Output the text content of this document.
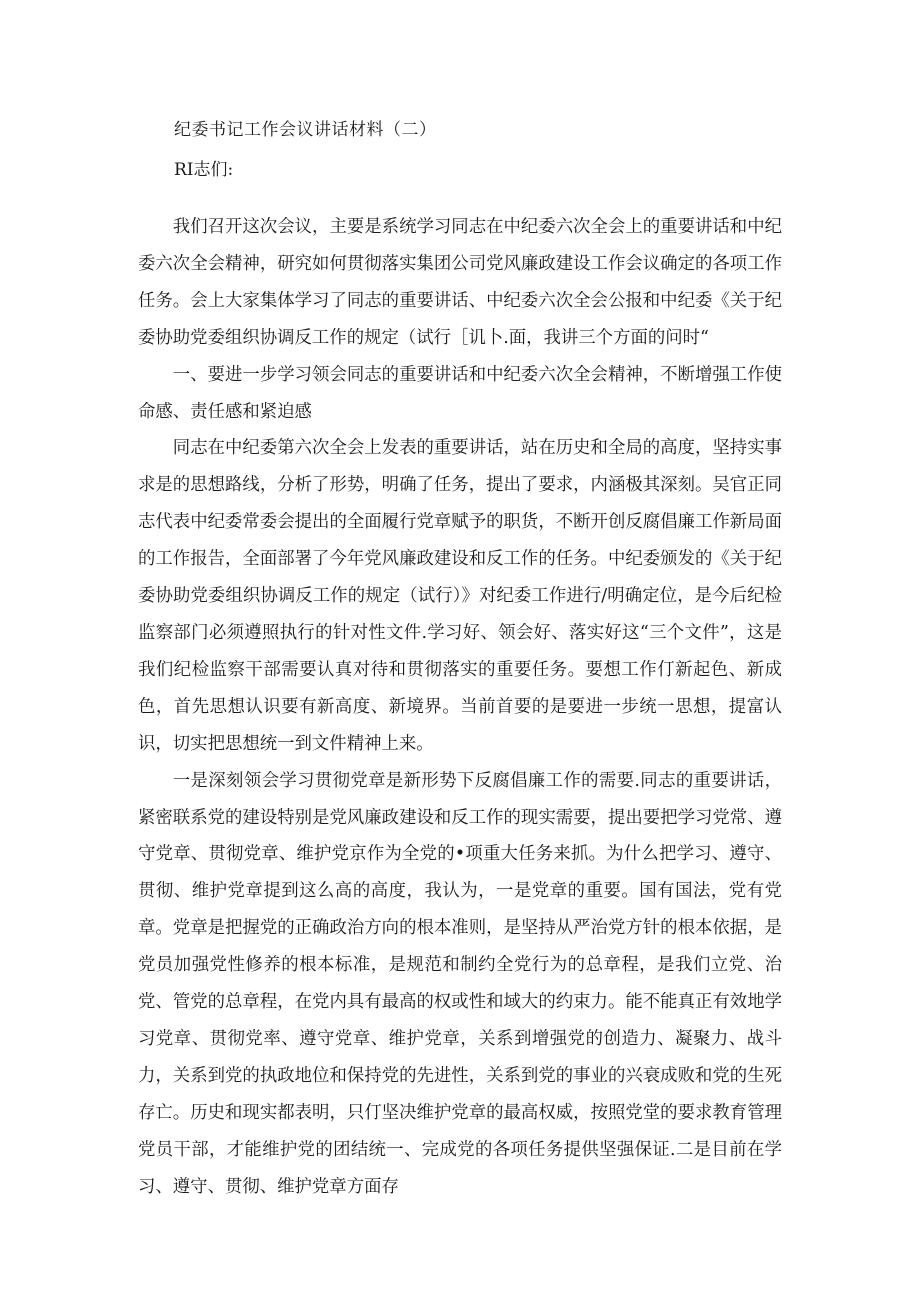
纪委书记工作会议讲话材料（二）
RI志们:

我们召开这次会议，主要是系统学习同志在中纪委六次全会上的重要讲话和中纪委六次全会精神，研究如何贯彻落实集团公司党风廉政建设工作会议确定的各项工作任务。会上大家集体学习了同志的重要讲话、中纪委六次全会公报和中纪委《关于纪委协助党委组织协调反工作的规定（试行［讥卜.面，我讲三个方面的问时“

一、要进一步学习领会同志的重要讲话和中纪委六次全会精神，不断增强工作使命感、责任感和紧迫感

同志在中纪委第六次全会上发表的重要讲话，站在历史和全局的高度，坚持实事求是的思想路线，分析了形势，明确了任务，提出了要求，内涵极其深刻。吴官正同志代表中纪委常委会提出的全面履行党章赋予的职货，不断开创反腐倡廉工作新局面的工作报告，全面部署了今年党风廉政建设和反工作的任务。中纪委颁发的《关于纪委协助党委组织协调反工作的规定（试行）》对纪委工作进行/明确定位，是今后纪检监察部门必须遵照执行的针对性文件.学习好、领会好、落实好这“三个文件”，这是我们纪检监察干部需要认真对待和贯彻落实的重要任务。要想工作仃新起色、新成色，首先思想认识要有新高度、新境界。当前首要的是要进一步统一思想，提富认识，切实把思想统一到文件精神上来。

一是深刻领会学习贯彻党章是新形势下反腐倡廉工作的需要.同志的重要讲话，紧密联系党的建设特别是党风廉政建设和反工作的现实需要，提出要把学习党常、遵守党章、贯彻党章、维护党京作为全党的•项重大任务来抓。为什么把学习、遵守、贯彻、维护党章提到这么高的高度，我认为，一是党章的重要。国有国法，党有党章。党章是把握党的正确政治方向的根本准则，是坚持从严治党方针的根本依据，是党员加强党性修养的根本标准，是规范和制约全党行为的总章程，是我们立党、治党、管党的总章程，在党内具有最高的权或性和域大的约束力。能不能真正有效地学习党章、贯彻党率、遵守党章、维护党章，关系到增强党的创造力、凝聚力、战斗力，关系到党的执政地位和保持党的先进性，关系到党的事业的兴衰成败和党的生死存亡。历史和现实都表明，只仃坚决维护党章的最高权威，按照党堂的要求教育管理党员干部，才能维护党的团结统一、完成党的各项任务提供坚强保证.二是目前在学习、遵守、贯彻、维护党章方面存
